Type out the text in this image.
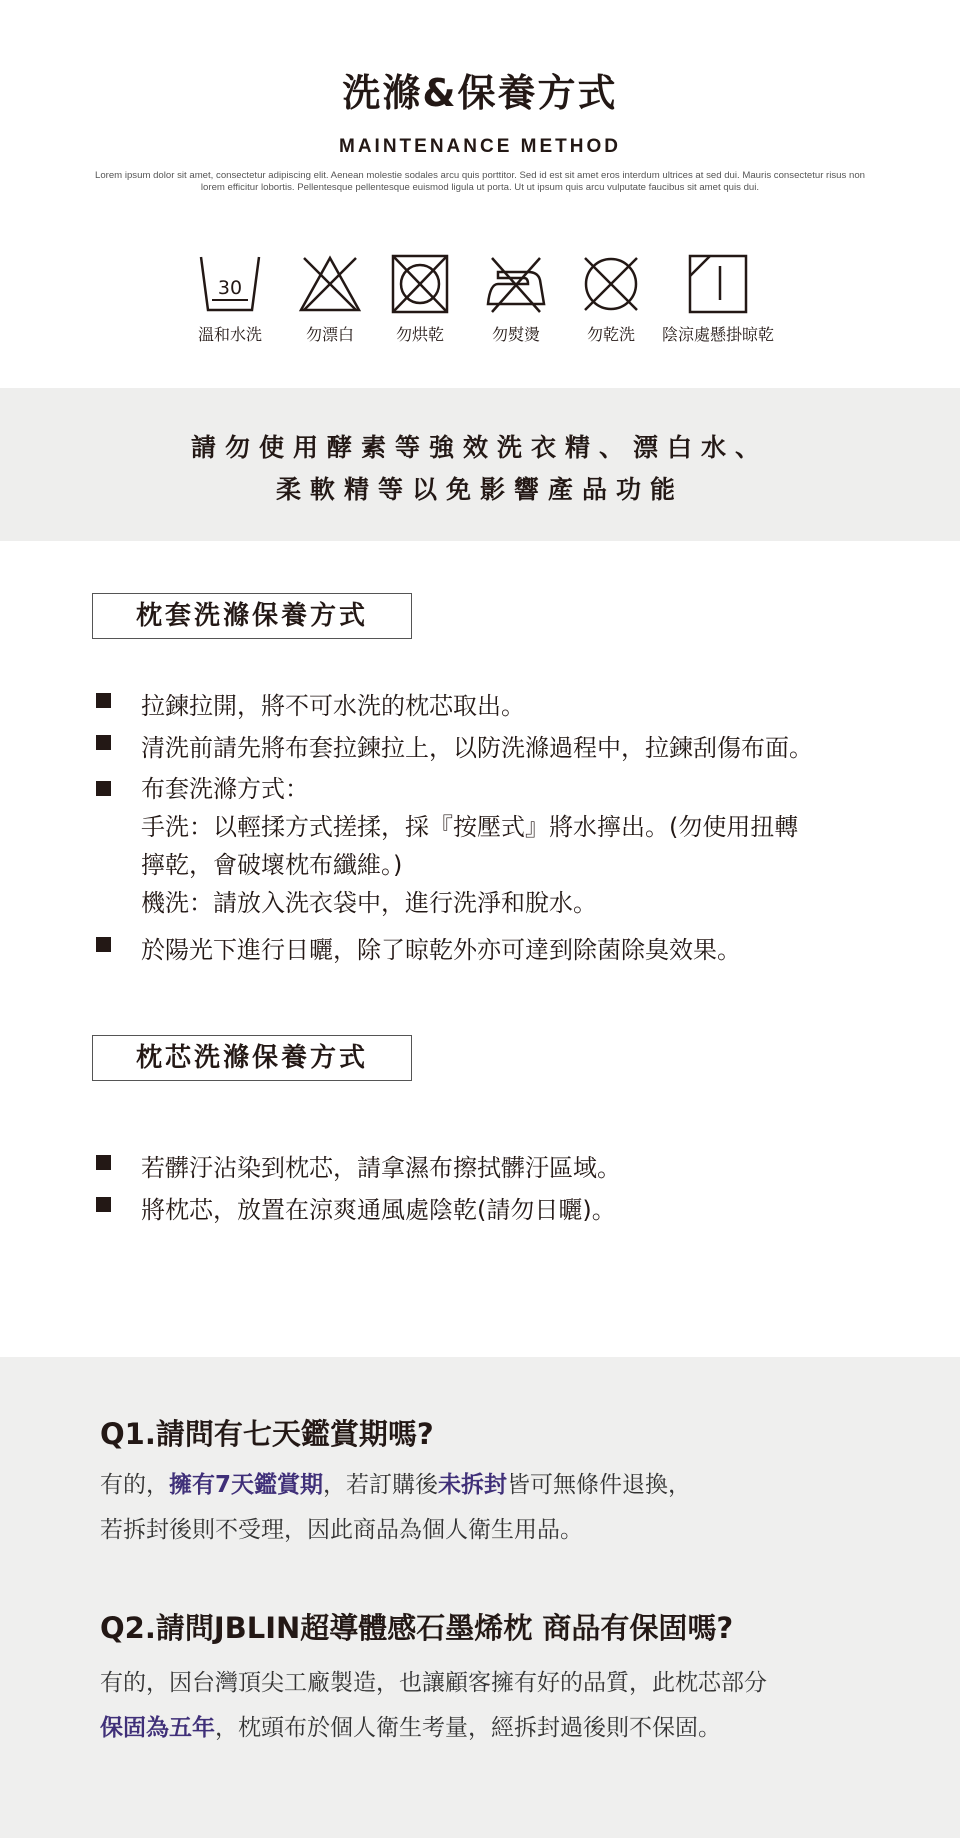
洗滌&保養方式
MAINTENANCE METHOD
Lorem ipsum dolor sit amet, consectetur adipiscing elit. Aenean molestie sodales arcu quis porttitor. Sed id est sit amet eros interdum ultrices at sed dui. Mauris consectetur risus non lorem efficitur lobortis. Pellentesque pellentesque euismod ligula ut porta. Ut ut ipsum quis arcu vulputate faucibus sit amet quis dui.
30
溫和水洗	勿漂白	勿烘乾	勿熨燙	勿乾洗	陰涼處懸掛晾乾

請勿使用酵素等強效洗衣精、漂白水、

柔軟精等以免影響產品功能

枕套洗滌保養方式
拉鍊拉開，將不可水洗的枕芯取出。
清洗前請先將布套拉鍊拉上，以防洗滌過程中，拉鍊刮傷布面。
布套洗滌方式：
手洗：以輕揉方式搓揉，採『按壓式』將水擰出。(勿使用扭轉
擰乾，會破壞枕布纖維。)
機洗：請放入洗衣袋中，進行洗淨和脫水。
於陽光下進行日曬，除了晾乾外亦可達到除菌除臭效果。
枕芯洗滌保養方式
若髒汙沾染到枕芯，請拿濕布擦拭髒汙區域。
將枕芯，放置在涼爽通風處陰乾(請勿日曬)。
Q1.請問有七天鑑賞期嗎?
有的，擁有7天鑑賞期，若訂購後未拆封皆可無條件退換，
若拆封後則不受理，因此商品為個人衛生用品。
Q2.請問JBLIN超導體感石墨烯枕 商品有保固嗎?
有的，因台灣頂尖工廠製造，也讓顧客擁有好的品質，此枕芯部分
保固為五年，枕頭布於個人衛生考量，經拆封過後則不保固。
